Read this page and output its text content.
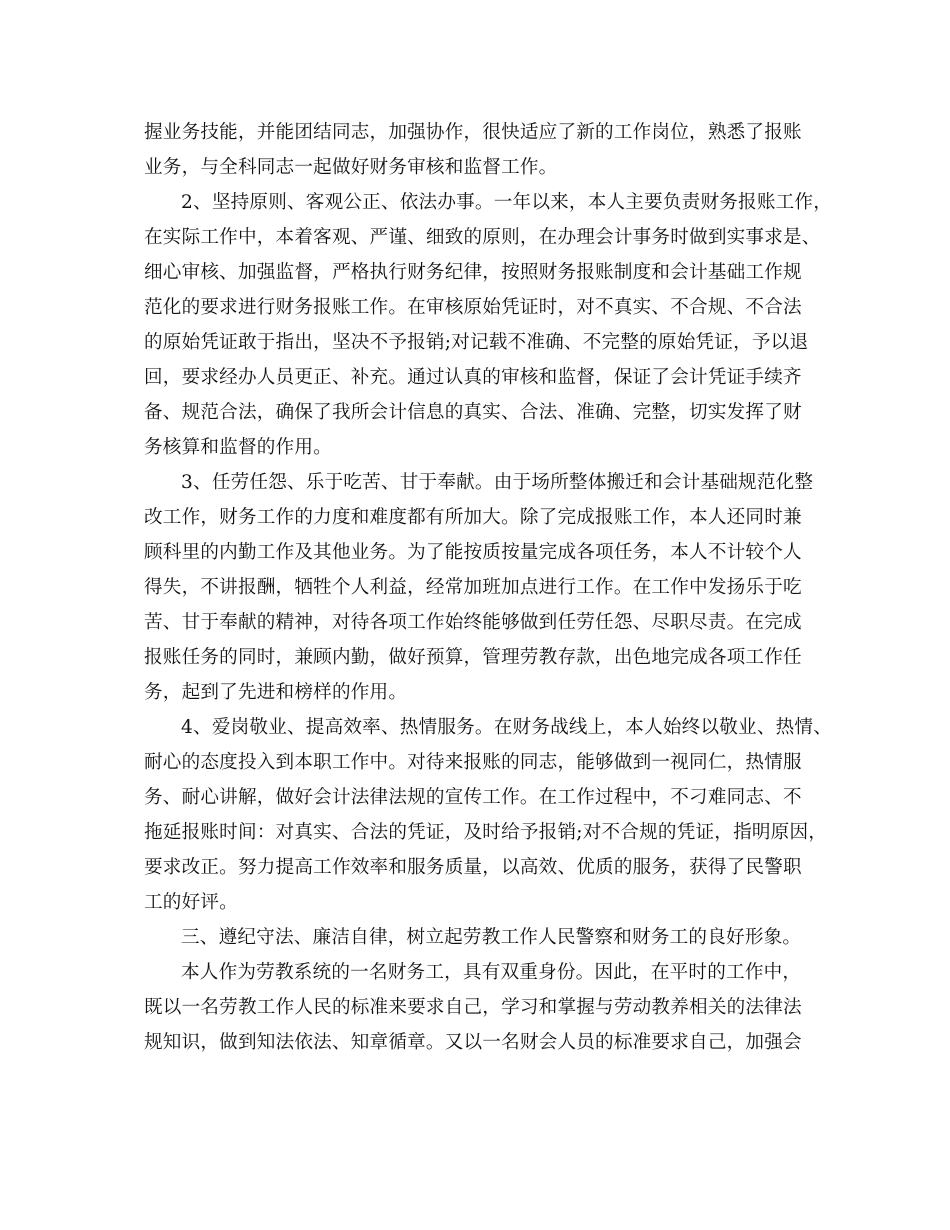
握业务技能，并能团结同志，加强协作，很快适应了新的工作岗位，熟悉了报账
业务，与全科同志一起做好财务审核和监督工作。
2、坚持原则、客观公正、依法办事。一年以来，本人主要负责财务报账工作，
在实际工作中，本着客观、严谨、细致的原则，在办理会计事务时做到实事求是、
细心审核、加强监督，严格执行财务纪律，按照财务报账制度和会计基础工作规
范化的要求进行财务报账工作。在审核原始凭证时，对不真实、不合规、不合法
的原始凭证敢于指出，坚决不予报销;对记载不准确、不完整的原始凭证，予以退
回，要求经办人员更正、补充。通过认真的审核和监督，保证了会计凭证手续齐
备、规范合法，确保了我所会计信息的真实、合法、准确、完整，切实发挥了财
务核算和监督的作用。
3、任劳任怨、乐于吃苦、甘于奉献。由于场所整体搬迁和会计基础规范化整
改工作，财务工作的力度和难度都有所加大。除了完成报账工作，本人还同时兼
顾科里的内勤工作及其他业务。为了能按质按量完成各项任务，本人不计较个人
得失，不讲报酬，牺牲个人利益，经常加班加点进行工作。在工作中发扬乐于吃
苦、甘于奉献的精神，对待各项工作始终能够做到任劳任怨、尽职尽责。在完成
报账任务的同时，兼顾内勤，做好预算，管理劳教存款，出色地完成各项工作任
务，起到了先进和榜样的作用。
4、爱岗敬业、提高效率、热情服务。在财务战线上，本人始终以敬业、热情、
耐心的态度投入到本职工作中。对待来报账的同志，能够做到一视同仁，热情服
务、耐心讲解，做好会计法律法规的宣传工作。在工作过程中，不刁难同志、不
拖延报账时间：对真实、合法的凭证，及时给予报销;对不合规的凭证，指明原因，
要求改正。努力提高工作效率和服务质量，以高效、优质的服务，获得了民警职
工的好评。
三、遵纪守法、廉洁自律，树立起劳教工作人民警察和财务工的良好形象。
本人作为劳教系统的一名财务工，具有双重身份。因此，在平时的工作中，
既以一名劳教工作人民的标准来要求自己，学习和掌握与劳动教养相关的法律法
规知识，做到知法依法、知章循章。又以一名财会人员的标准要求自己，加强会
